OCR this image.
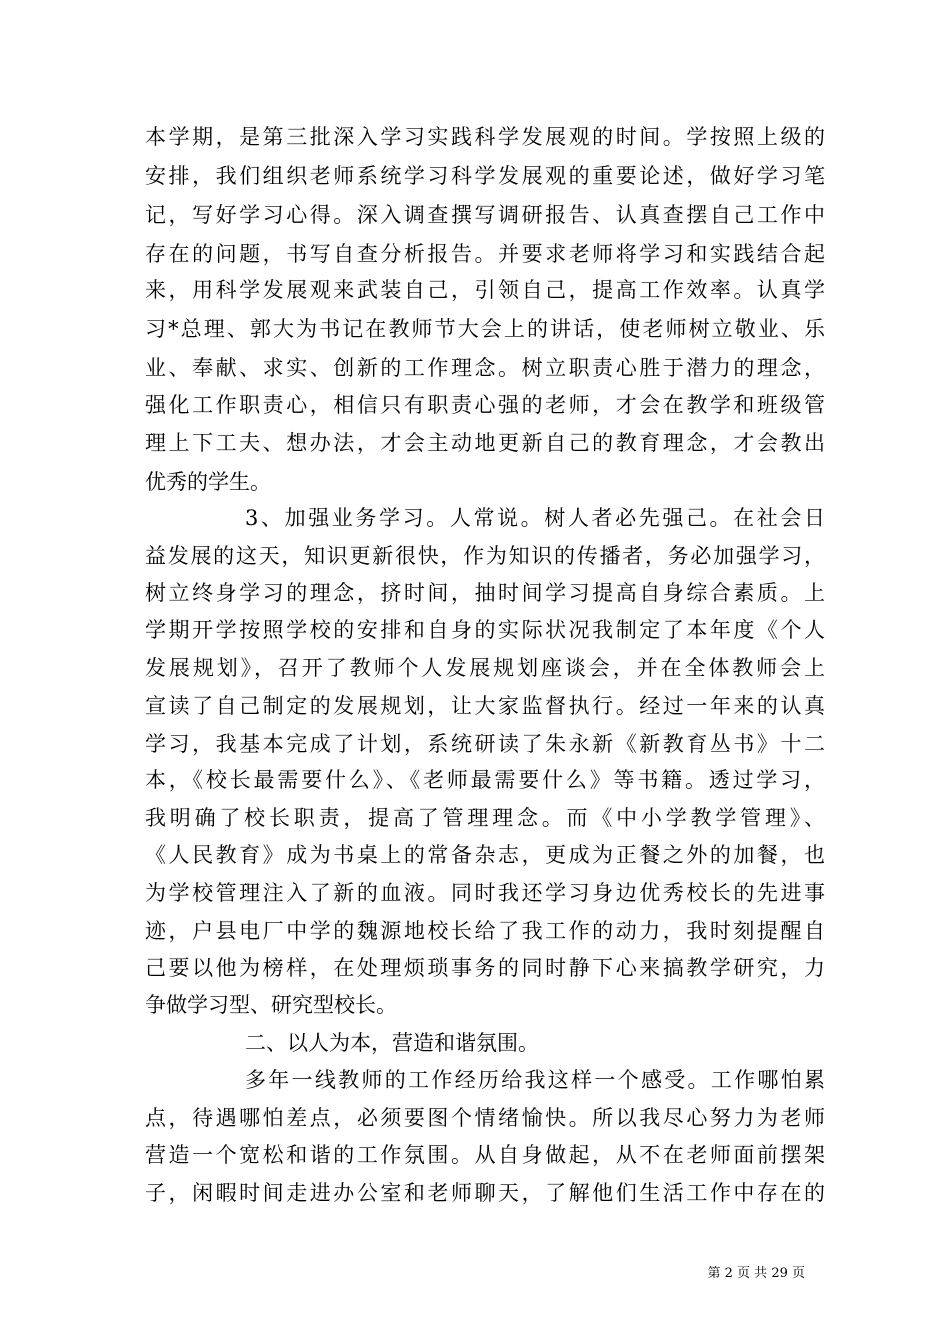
本学期，是第三批深入学习实践科学发展观的时间。学按照上级的
安排，我们组织老师系统学习科学发展观的重要论述，做好学习笔
记，写好学习心得。深入调查撰写调研报告、认真查摆自己工作中
存在的问题，书写自查分析报告。并要求老师将学习和实践结合起
来，用科学发展观来武装自己，引领自己，提高工作效率。认真学
习*总理、郭大为书记在教师节大会上的讲话，使老师树立敬业、乐
业、奉献、求实、创新的工作理念。树立职责心胜于潜力的理念，
强化工作职责心，相信只有职责心强的老师，才会在教学和班级管
理上下工夫、想办法，才会主动地更新自己的教育理念，才会教出
优秀的学生。
3、加强业务学习。人常说。树人者必先强己。在社会日
益发展的这天，知识更新很快，作为知识的传播者，务必加强学习，
树立终身学习的理念，挤时间，抽时间学习提高自身综合素质。上
学期开学按照学校的安排和自身的实际状况我制定了本年度《个人
发展规划》，召开了教师个人发展规划座谈会，并在全体教师会上
宣读了自己制定的发展规划，让大家监督执行。经过一年来的认真
学习，我基本完成了计划，系统研读了朱永新《新教育丛书》十二
本，《校长最需要什么》、《老师最需要什么》等书籍。透过学习，
我明确了校长职责，提高了管理理念。而《中小学教学管理》、
《人民教育》成为书桌上的常备杂志，更成为正餐之外的加餐，也
为学校管理注入了新的血液。同时我还学习身边优秀校长的先进事
迹，户县电厂中学的魏源地校长给了我工作的动力，我时刻提醒自
己要以他为榜样，在处理烦琐事务的同时静下心来搞教学研究，力
争做学习型、研究型校长。
二、以人为本，营造和谐氛围。
多年一线教师的工作经历给我这样一个感受。工作哪怕累
点，待遇哪怕差点，必须要图个情绪愉快。所以我尽心努力为老师
营造一个宽松和谐的工作氛围。从自身做起，从不在老师面前摆架
子，闲暇时间走进办公室和老师聊天，了解他们生活工作中存在的
第 2 页 共 29 页
